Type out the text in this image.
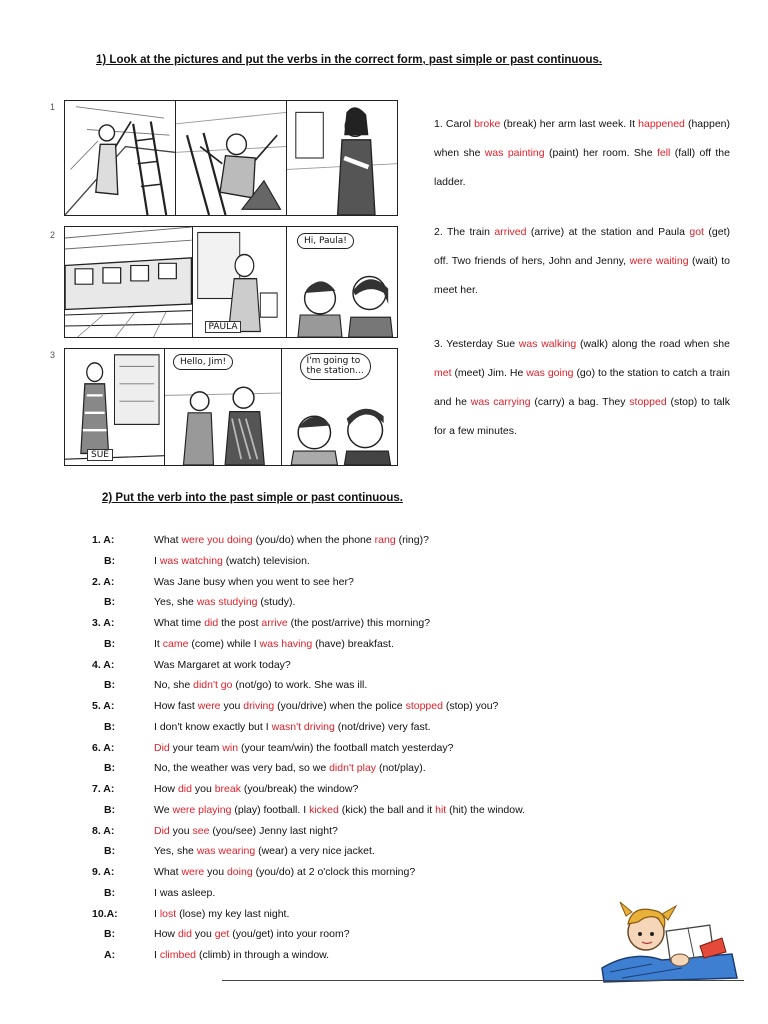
1) Look at the pictures and put the verbs in the correct form, past simple or past continuous.
1
2
PAULA
Hi, Paula!
3
SUE
Hello, Jim!	I'm going to
the station...
1. Carol broke (break) her arm last week. It happened (happen) when she was painting (paint) her room. She fell (fall) off the ladder.
2. The train arrived (arrive) at the station and Paula got (get) off. Two friends of hers, John and Jenny, were waiting (wait) to meet her.
3. Yesterday Sue was walking (walk) along the road when she met (meet) Jim. He was going (go) to the station to catch a train and he was carrying (carry) a bag. They stopped (stop) to talk for a few minutes.
2) Put the verb into the past simple or past continuous.
1. A:	What were you doing (you/do) when the phone rang (ring)?
B:	I was watching (watch) television.
2. A:	Was Jane busy when you went to see her?
B:	Yes, she was studying (study).
3. A:	What time did the post arrive (the post/arrive) this morning?
B:	It came (come) while I was having (have) breakfast.
4. A:	Was Margaret at work today?
B:	No, she didn't go (not/go) to work. She was ill.
5. A:	How fast were you driving (you/drive) when the police stopped (stop) you?
B:	I don't know exactly but I wasn't driving (not/drive) very fast.
6. A:	Did your team win (your team/win) the football match yesterday?
B:	No, the weather was very bad, so we didn't play (not/play).
7. A:	How did you break (you/break) the window?
B:	We were playing (play) football. I kicked (kick) the ball and it hit (hit) the window.
8. A:	Did you see (you/see) Jenny last night?
B:	Yes, she was wearing (wear) a very nice jacket.
9. A:	What were you doing (you/do) at 2 o'clock this morning?
B:	I was asleep.
10.A:	I lost (lose) my key last night.
B:	How did you get (you/get) into your room?
A:	I climbed (climb) in through a window.
